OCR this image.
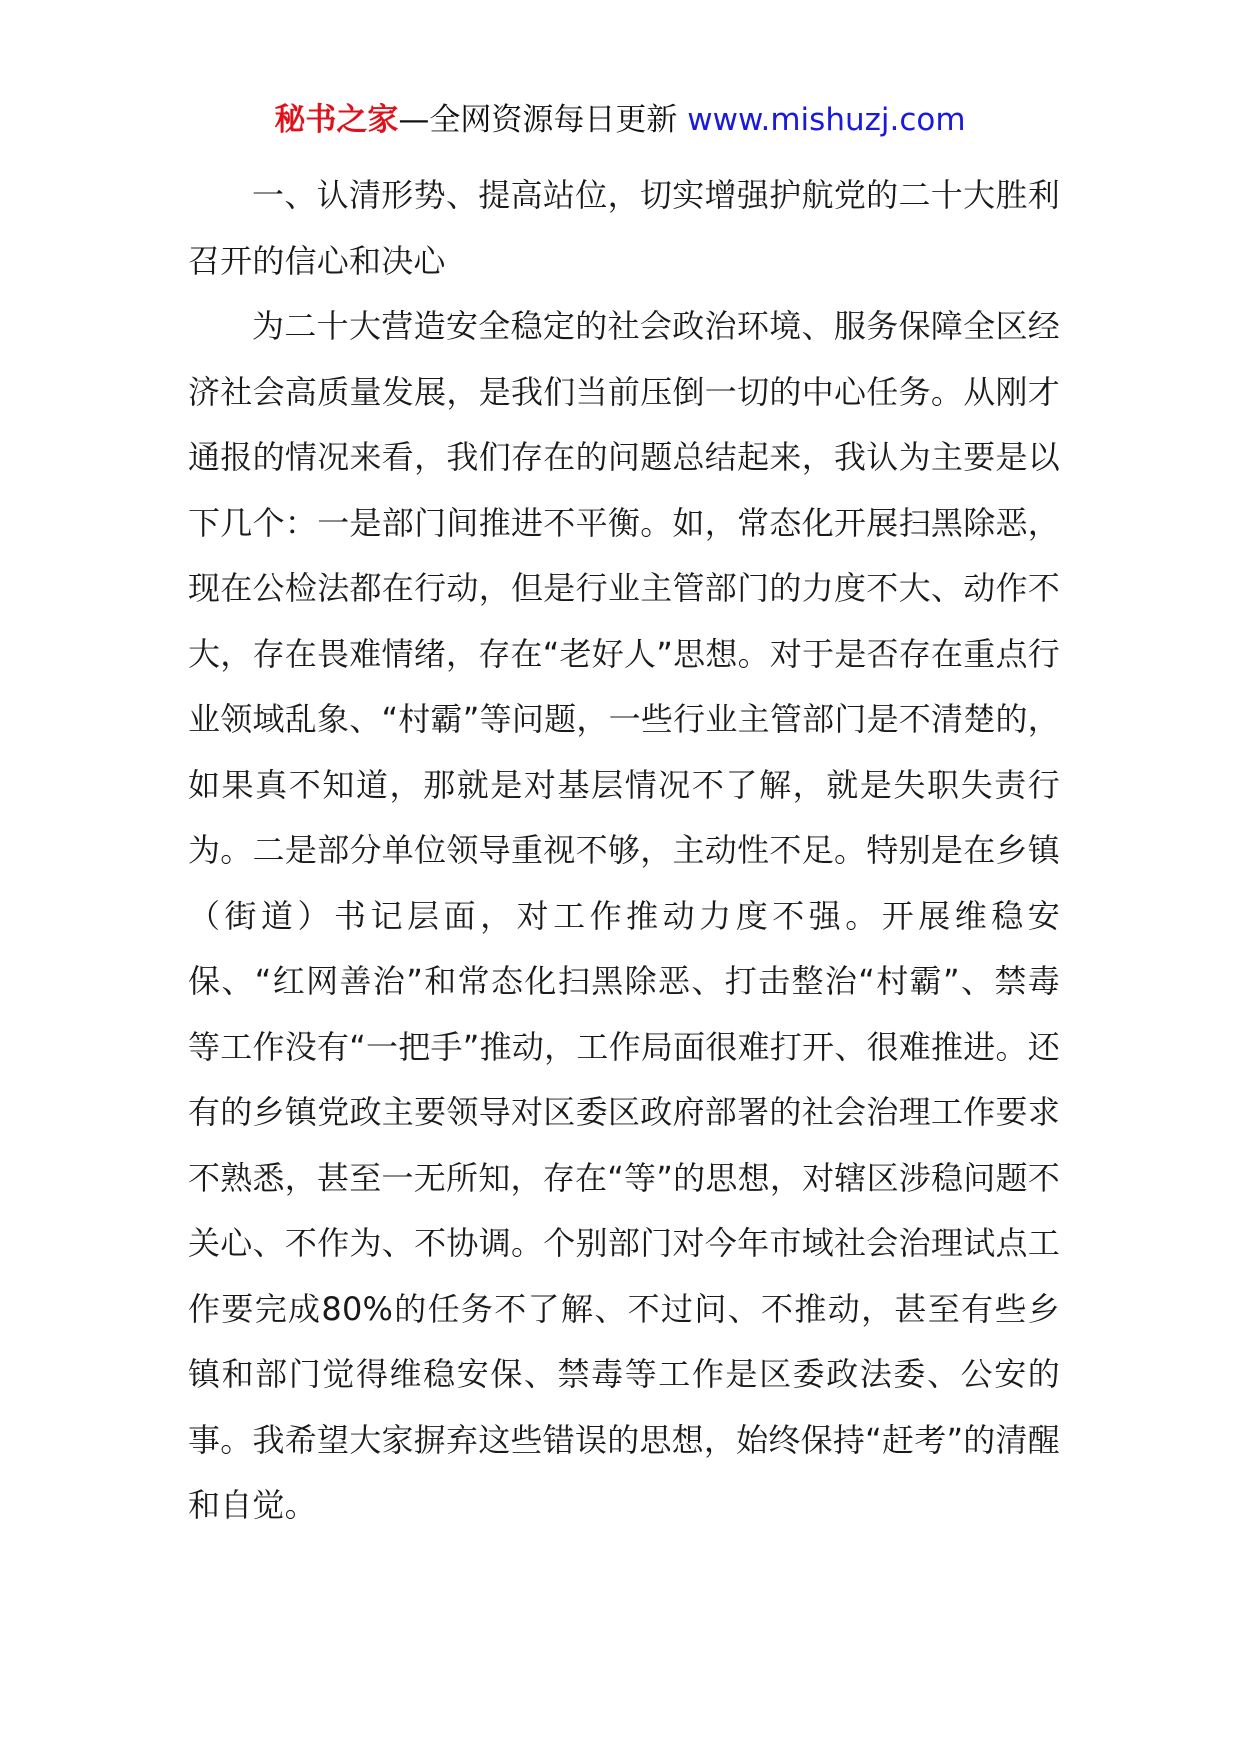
秘书之家—全网资源每日更新 www.mishuzj.com

一、认清形势、提高站位，切实增强护航党的二十大胜利召开的信心和决心

为二十大营造安全稳定的社会政治环境、服务保障全区经济社会高质量发展，是我们当前压倒一切的中心任务。从刚才通报的情况来看，我们存在的问题总结起来，我认为主要是以下几个：一是部门间推进不平衡。如，常态化开展扫黑除恶，现在公检法都在行动，但是行业主管部门的力度不大、动作不大，存在畏难情绪，存在“老好人”思想。对于是否存在重点行业领域乱象、“村霸”等问题，一些行业主管部门是不清楚的，如果真不知道，那就是对基层情况不了解，就是失职失责行为。二是部分单位领导重视不够，主动性不足。特别是在乡镇（街道）书记层面，对工作推动力度不强。开展维稳安保、“红网善治”和常态化扫黑除恶、打击整治“村霸”、禁毒等工作没有“一把手”推动，工作局面很难打开、很难推进。还有的乡镇党政主要领导对区委区政府部署的社会治理工作要求不熟悉，甚至一无所知，存在“等”的思想，对辖区涉稳问题不关心、不作为、不协调。个别部门对今年市域社会治理试点工作要完成80%的任务不了解、不过问、不推动，甚至有些乡镇和部门觉得维稳安保、禁毒等工作是区委政法委、公安的事。我希望大家摒弃这些错误的思想，始终保持“赶考”的清醒和自觉。
